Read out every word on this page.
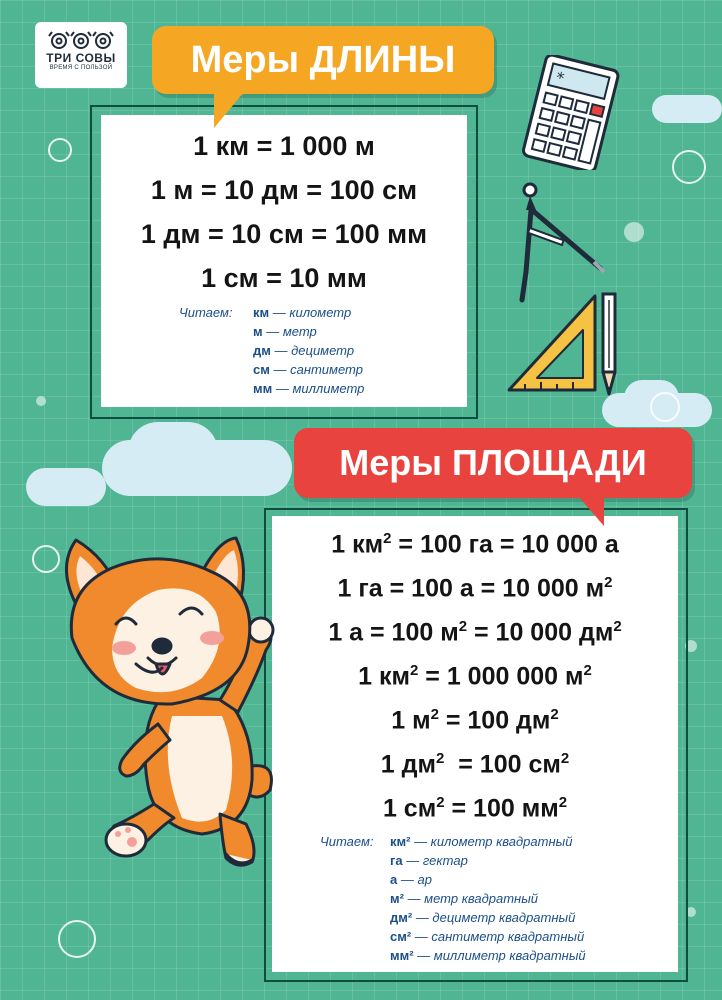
ТРИ СОВЫ
ВРЕМЯ С ПОЛЬЗОЙ
1 км = 1 000 м
1 м = 10 дм = 100 см
1 дм = 10 см = 100 мм
1 см = 10 мм
Читаем: км — километр
м — метр
дм — дециметр
см — сантиметр
мм — миллиметр
Меры ДЛИНЫ
1 $км^2 = 100$ га = 10 000 а
1 га = 100 а = 10 000 $м^2$
1 а = 100 $м^2 = 10$ 000 $дм^2$
1 $км^2 = 1$ 000 000 $м^2$
1 $м^2 = 100$ $дм^2$
1 $дм^2 = 100$ $см^2$
1 $см^2 = 100$ $мм^2$
Читаем: км² — километр квадратный
га — гектар
а — ар
м² — метр квадратный
дм² — дециметр квадратный
см² — сантиметр квадратный
мм² — миллиметр квадратный
Меры ПЛОЩАДИ
*
